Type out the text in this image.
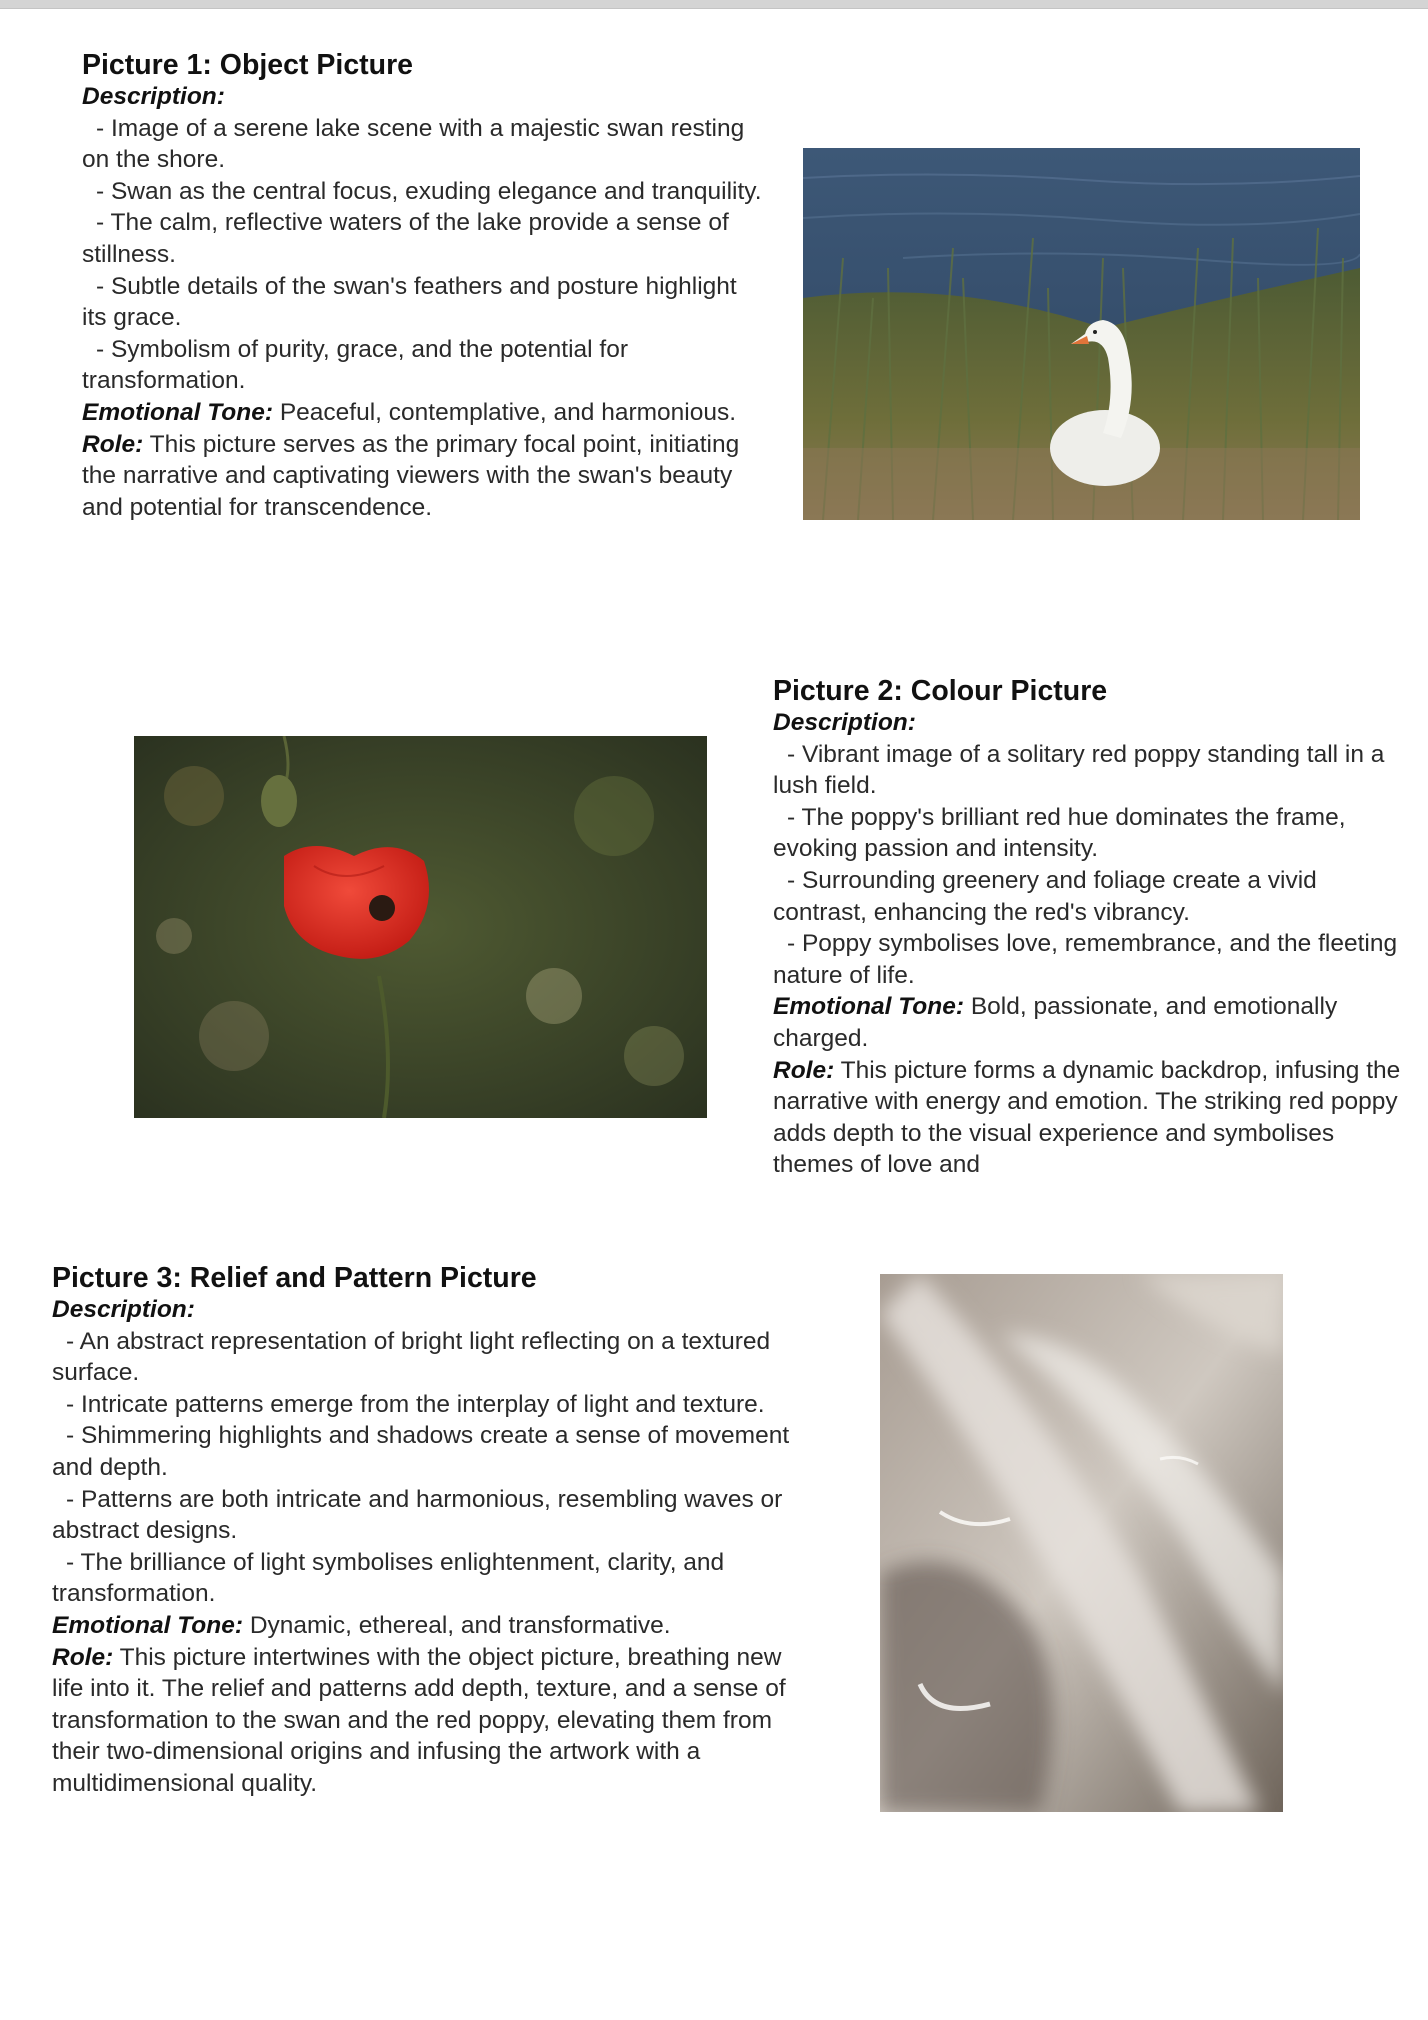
Picture 1: Object Picture
Description:
- Image of a serene lake scene with a majestic swan resting on the shore.
- Swan as the central focus, exuding elegance and tranquility.
- The calm, reflective waters of the lake provide a sense of stillness.
- Subtle details of the swan's feathers and posture highlight its grace.
- Symbolism of purity, grace, and the potential for transformation.
Emotional Tone: Peaceful, contemplative, and harmonious.
Role: This picture serves as the primary focal point, initiating the narrative and captivating viewers with the swan's beauty and potential for transcendence.
Picture 2: Colour Picture
Description:
- Vibrant image of a solitary red poppy standing tall in a lush field.
- The poppy's brilliant red hue dominates the frame, evoking passion and intensity.
- Surrounding greenery and foliage create a vivid contrast, enhancing the red's vibrancy.
- Poppy symbolises love, remembrance, and the fleeting nature of life.
Emotional Tone: Bold, passionate, and emotionally charged.
Role: This picture forms a dynamic backdrop, infusing the narrative with energy and emotion. The striking red poppy adds depth to the visual experience and symbolises themes of love and
Picture 3: Relief and Pattern Picture
Description:
- An abstract representation of bright light reflecting on a textured surface.
- Intricate patterns emerge from the interplay of light and texture.
- Shimmering highlights and shadows create a sense of movement and depth.
- Patterns are both intricate and harmonious, resembling waves or abstract designs.
- The brilliance of light symbolises enlightenment, clarity, and transformation.
Emotional Tone: Dynamic, ethereal, and transformative.
Role: This picture intertwines with the object picture, breathing new life into it. The relief and patterns add depth, texture, and a sense of transformation to the swan and the red poppy, elevating them from their two-dimensional origins and infusing the artwork with a multidimensional quality.
